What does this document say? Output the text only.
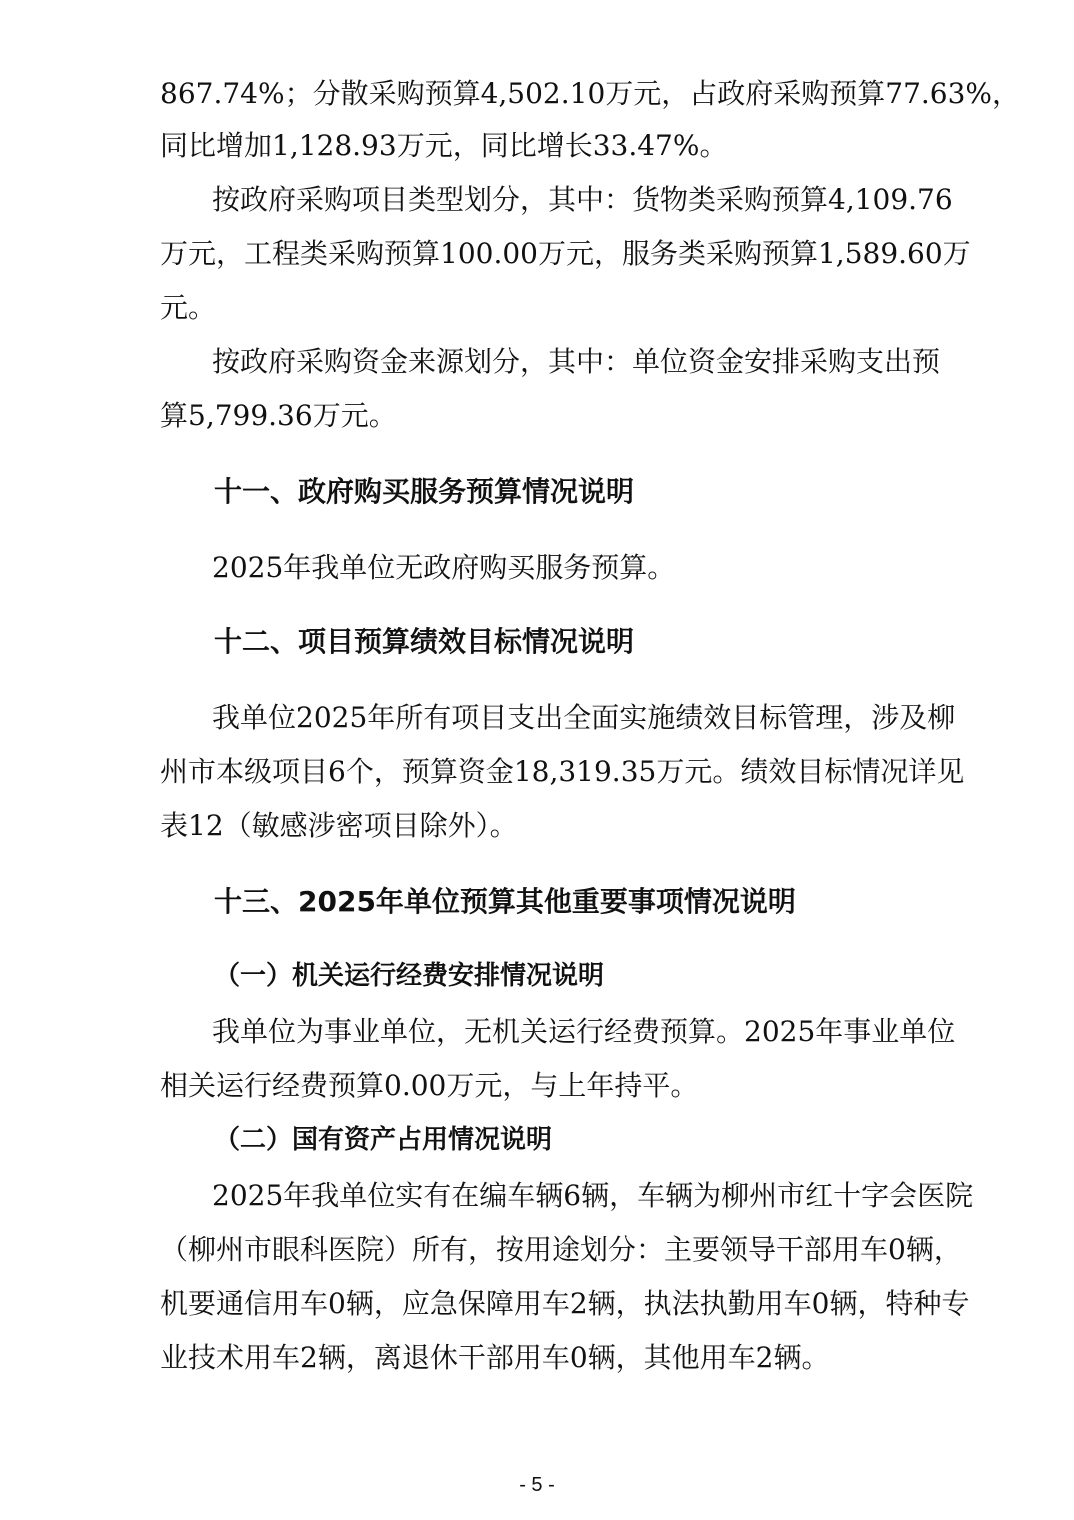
867.74%；分散采购预算4,502.10万元，占政府采购预算77.63%，
同比增加1,128.93万元，同比增长33.47%。
按政府采购项目类型划分，其中：货物类采购预算4,109.76
万元，工程类采购预算100.00万元，服务类采购预算1,589.60万
元。
按政府采购资金来源划分，其中：单位资金安排采购支出预
算5,799.36万元。
十一、政府购买服务预算情况说明
2025年我单位无政府购买服务预算。
十二、项目预算绩效目标情况说明
我单位2025年所有项目支出全面实施绩效目标管理，涉及柳
州市本级项目6个，预算资金18,319.35万元。绩效目标情况详见
表12（敏感涉密项目除外）。
十三、2025年单位预算其他重要事项情况说明
（一）机关运行经费安排情况说明
我单位为事业单位，无机关运行经费预算。2025年事业单位
相关运行经费预算0.00万元，与上年持平。
（二）国有资产占用情况说明
2025年我单位实有在编车辆6辆，车辆为柳州市红十字会医院
（柳州市眼科医院）所有，按用途划分：主要领导干部用车0辆，
机要通信用车0辆，应急保障用车2辆，执法执勤用车0辆，特种专
业技术用车2辆，离退休干部用车0辆，其他用车2辆。
- 5 -
